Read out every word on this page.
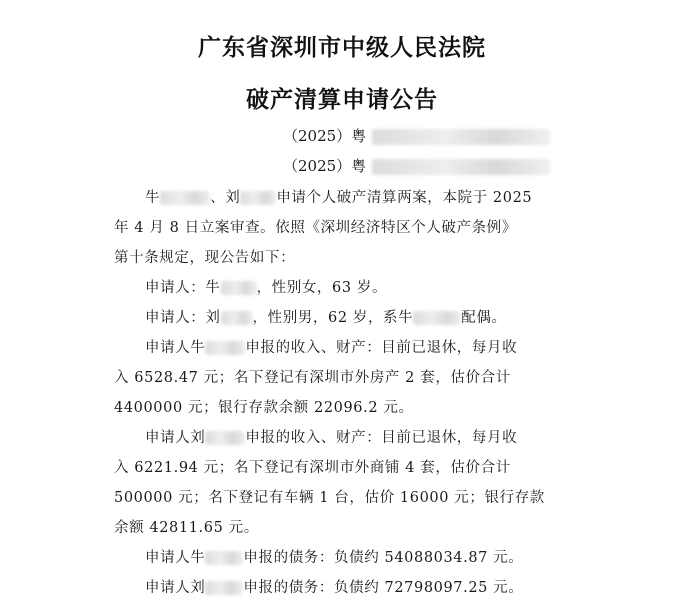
广东省深圳市中级人民法院
破产清算申请公告
（2025）粤
（2025）粤
牛	、刘 申请个人破产清算两案，本院于 2025
年 4 月 8 日立案审查。依照《深圳经济特区个人破产条例》
第十条规定，现公告如下：
申请人：牛 ，性别女，63 岁。
申请人：刘 ，性别男，62 岁，系牛	配偶。
申请人牛	申报的收入、财产：目前已退休，每月收
入 6528.47 元；名下登记有深圳市外房产 2 套，估价合计
4400000 元；银行存款余额 22096.2 元。
申请人刘	申报的收入、财产：目前已退休，每月收
入 6221.94 元；名下登记有深圳市外商铺 4 套，估价合计
500000 元；名下登记有车辆 1 台，估价 16000 元；银行存款
余额 42811.65 元。
申请人牛	申报的债务：负债约 54088034.87 元。
申请人刘	申报的债务：负债约 72798097.25 元。
